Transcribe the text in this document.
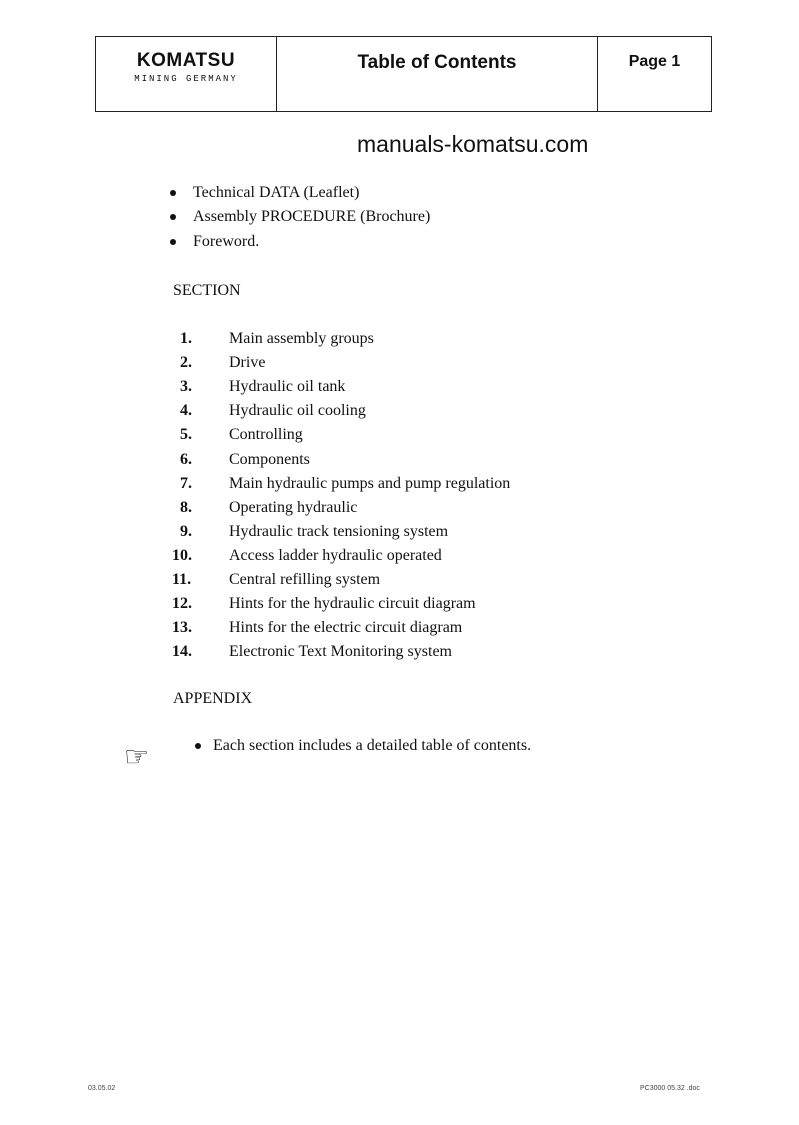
KOMATSU
MINING GERMANY
Table of Contents	Page 1
manuals-komatsu.com
Technical DATA (Leaflet)
Assembly PROCEDURE (Brochure)
Foreword.
SECTION
1. Main assembly groups
2. Drive
3. Hydraulic oil tank
4. Hydraulic oil cooling
5. Controlling
6. Components
7. Main hydraulic pumps and pump regulation
8. Operating hydraulic
9. Hydraulic track tensioning system
10. Access ladder hydraulic operated
11. Central refilling system
12. Hints for the hydraulic circuit diagram
13. Hints for the electric circuit diagram
14. Electronic Text Monitoring system
APPENDIX
☞	Each section includes a detailed table of contents.
03.05.02	PC3000 05.32 .doc
